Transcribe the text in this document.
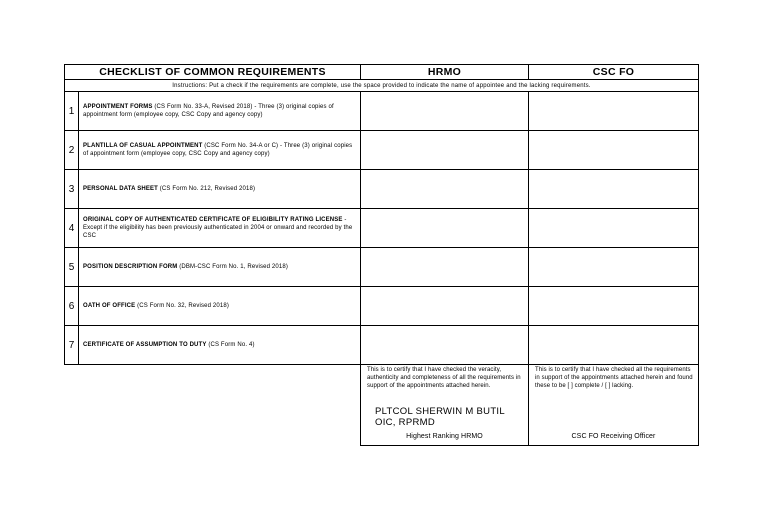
CHECKLIST OF COMMON REQUIREMENTS		HRMO	CSC FO
Instructions: Put a check if the requirements are complete, use the space provided to indicate the name of appointee and the lacking requirements.			
1	APPOINTMENT FORMS (CS Form No. 33-A, Revised 2018) - Three (3) original copies of appointment form (employee copy, CSC Copy and agency copy)		
2	PLANTILLA OF CASUAL APPOINTMENT (CSC Form No. 34-A or C) - Three (3) original copies of appointment form (employee copy, CSC Copy and agency copy)		
3	PERSONAL DATA SHEET (CS Form No. 212, Revised 2018)		
4	ORIGINAL COPY OF AUTHENTICATED CERTIFICATE OF ELIGIBILITY RATING LICENSE - Except if the eligibility has been previously authenticated in 2004 or onward and recorded by the CSC		
5	POSITION DESCRIPTION FORM (DBM-CSC Form No. 1, Revised 2018)		
6	OATH OF OFFICE (CS Form No. 32, Revised 2018)		
7	CERTIFICATE OF ASSUMPTION TO DUTY (CS Form No. 4)		

This is to certify that I have checked the veracity, authenticity and completeness of all the requirements in support of the appointments attached herein.

PLTCOL SHERWIN M BUTIL
OIC, RPRMD
Highest Ranking HRMO

This is to certify that I have checked all the requirements in support of the appointments attached herein and found these to be [ ] complete / [ ] lacking.

CSC FO Receiving Officer
